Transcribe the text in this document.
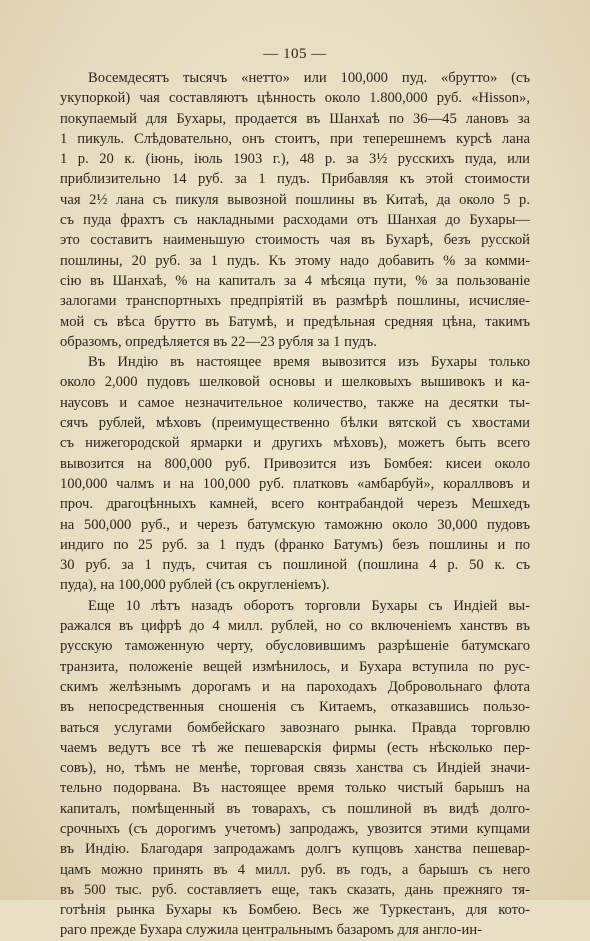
— 105 —
Восемдесятъ тысячъ «нетто» или 100,000 пуд. «брутто» (съ
укупоркой) чая составляютъ цѣнность около 1.800,000 руб. «Hisson»,
покупаемый для Бухары, продается въ Шанхаѣ по 36—45 лановъ за
1 пикуль. Слѣдовательно, онъ стоитъ, при теперешнемъ курсѣ лана
1 р. 20 к. (іюнь, іюль 1903 г.), 48 р. за 3½ русскихъ пуда, или
приблизительно 14 руб. за 1 пудъ. Прибавляя къ этой стоимости
чая 2½ лана съ пикуля вывозной пошлины въ Китаѣ, да около 5 р.
съ пуда фрахтъ съ накладными расходами отъ Шанхая до Бухары—
это составитъ наименьшую стоимость чая въ Бухарѣ, безъ русской
пошлины, 20 руб. за 1 пудъ. Къ этому надо добавить % за комми-
сію въ Шанхаѣ, % на капиталъ за 4 мѣсяца пути, % за пользованіе
залогами транспортныхъ предпріятій въ размѣрѣ пошлины, исчисляе-
мой съ вѣса брутто въ Батумѣ, и предѣльная средняя цѣна, такимъ
образомъ, опредѣляется въ 22—23 рубля за 1 пудъ.
Въ Индію въ настоящее время вывозится изъ Бухары только
около 2,000 пудовъ шелковой основы и шелковыхъ вышивокъ и ка-
наусовъ и самое незначительное количество, также на десятки ты-
сячъ рублей, мѣховъ (преимущественно бѣлки вятской съ хвостами
съ нижегородской ярмарки и другихъ мѣховъ), можетъ быть всего
вывозится на 800,000 руб. Привозится изъ Бомбея: кисеи около
100,000 чалмъ и на 100,000 руб. платковъ «амбарбуй», кораллвовъ и
проч. драгоцѣнныхъ камней, всего контрабандой черезъ Мешхедъ
на 500,000 руб., и черезъ батумскую таможню около 30,000 пудовъ
индиго по 25 руб. за 1 пудъ (франко Батумъ) безъ пошлины и по
30 руб. за 1 пудъ, считая съ пошлиной (пошлина 4 р. 50 к. съ
пуда), на 100,000 рублей (съ округленіемъ).
Еще 10 лѣтъ назадъ оборотъ торговли Бухары съ Индіей вы-
ражался въ цифрѣ до 4 милл. рублей, но со включеніемъ ханствъ въ
русскую таможенную черту, обусловившимъ разрѣшеніе батумскаго
транзита, положеніе вещей измѣнилось, и Бухара вступила по рус-
скимъ желѣзнымъ дорогамъ и на пароходахъ Добровольнаго флота
въ непосредственныя сношенія съ Китаемъ, отказавшись пользо-
ваться услугами бомбейскаго завознаго рынка. Правда торговлю
чаемъ ведутъ все тѣ же пешеварскія фирмы (есть нѣсколько пер-
совъ), но, тѣмъ не менѣе, торговая связь ханства съ Индіей значи-
тельно подорвана. Въ настоящее время только чистый барышъ на
капиталъ, помѣщенный въ товарахъ, съ пошлиной въ видѣ долго-
срочныхъ (съ дорогимъ учетомъ) запродажъ, увозится этими купцами
въ Индію. Благодаря запродажамъ долгъ купцовъ ханства пешевар-
цамъ можно принять въ 4 милл. руб. въ годъ, а барышъ съ него
въ 500 тыс. руб. составляетъ еще, такъ сказать, дань прежняго тя-
готѣнія рынка Бухары къ Бомбею. Весь же Туркестанъ, для кото-
раго прежде Бухара служила центральнымъ базаромъ для англо-ин-
